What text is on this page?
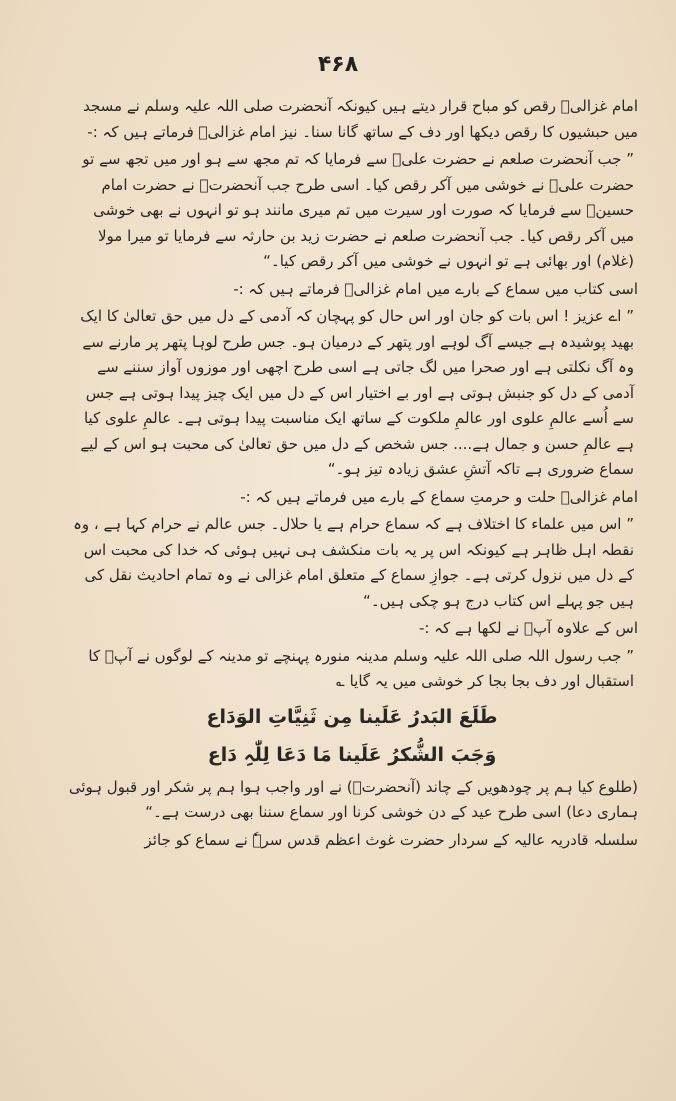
۴۶۸

امام غزالیؒ رقص کو مباح قرار دیتے ہیں کیونکہ آنحضرت صلی اللہ علیہ وسلم نے مسجد میں حبشیوں کا رقص دیکھا اور دف کے ساتھ گانا سنا۔ نیز امام غزالیؒ فرماتے ہیں کہ :-

” جب آنحضرت صلعم نے حضرت علیؓ سے فرمایا کہ تم مجھ سے ہو اور میں تجھ سے تو حضرت علیؓ نے خوشی میں آکر رقص کیا۔ اسی طرح جب آنحضرتؐ نے حضرت امام حسینؓ سے فرمایا کہ صورت اور سیرت میں تم میری مانند ہو تو انہوں نے بھی خوشی میں آکر رقص کیا۔ جب آنحضرت صلعم نے حضرت زید بن حارثہ سے فرمایا تو میرا مولا (غلام) اور بھائی ہے تو انہوں نے خوشی میں آکر رقص کیا۔“

اسی کتاب میں سماع کے بارے میں امام غزالیؒ فرماتے ہیں کہ :-

” اے عزیز ! اس بات کو جان اور اس حال کو پہچان کہ آدمی کے دل میں حق تعالیٰ کا ایک بھید پوشیدہ ہے جیسے آگ لوہے اور پتھر کے درمیان ہو۔ جس طرح لوہا پتھر پر مارنے سے وہ آگ نکلتی ہے اور صحرا میں لگ جاتی ہے اسی طرح اچھی اور موزوں آواز سننے سے آدمی کے دل کو جنبش ہوتی ہے اور بے اختیار اس کے دل میں ایک چیز پیدا ہوتی ہے جس سے اُسے عالمِ علوی اور عالمِ ملکوت کے ساتھ ایک مناسبت پیدا ہوتی ہے۔ عالمِ علوی کیا ہے عالمِ حسن و جمال ہے.... جس شخص کے دل میں حق تعالیٰ کی محبت ہو اس کے لیے سماع ضروری ہے تاکہ آتشِ عشق زیادہ تیز ہو۔“

امام غزالیؒ حلت و حرمتِ سماع کے بارے میں فرماتے ہیں کہ :-

” اس میں علماء کا اختلاف ہے کہ سماع حرام ہے یا حلال۔ جس عالم نے حرام کہا ہے ، وہ نقطہ اہل ظاہر ہے کیونکہ اس پر یہ بات منکشف ہی نہیں ہوئی کہ خدا کی محبت اس کے دل میں نزول کرتی ہے۔ جوازِ سماع کے متعلق امام غزالی نے وہ تمام احادیث نقل کی ہیں جو پہلے اس کتاب درج ہو چکی ہیں۔“

اس کے علاوہ آپؒ نے لکھا ہے کہ :-

” جب رسول اللہ صلی اللہ علیہ وسلم مدینہ منورہ پہنچے تو مدینہ کے لوگوں نے آپؐ کا استقبال اور دف بجا بجا کر خوشی میں یہ گایا ؎

طَلَعَ البَدرُ عَلَینا مِن ثَنِیَّاتِ الوَدَاع
وَجَبَ الشُّکرُ عَلَینا مَا دَعَا لِلّٰہِ دَاع

(طلوع کیا ہم پر چودھویں کے چاند (آنحضرتؐ) نے اور واجب ہوا ہم پر شکر اور قبول ہوئی ہماری دعا) اسی طرح عید کے دن خوشی کرنا اور سماع سننا بھی درست ہے۔“

سلسلہ قادریہ عالیہ کے سردار حضرت غوث اعظم قدس سرہٗ نے سماع کو جائز
